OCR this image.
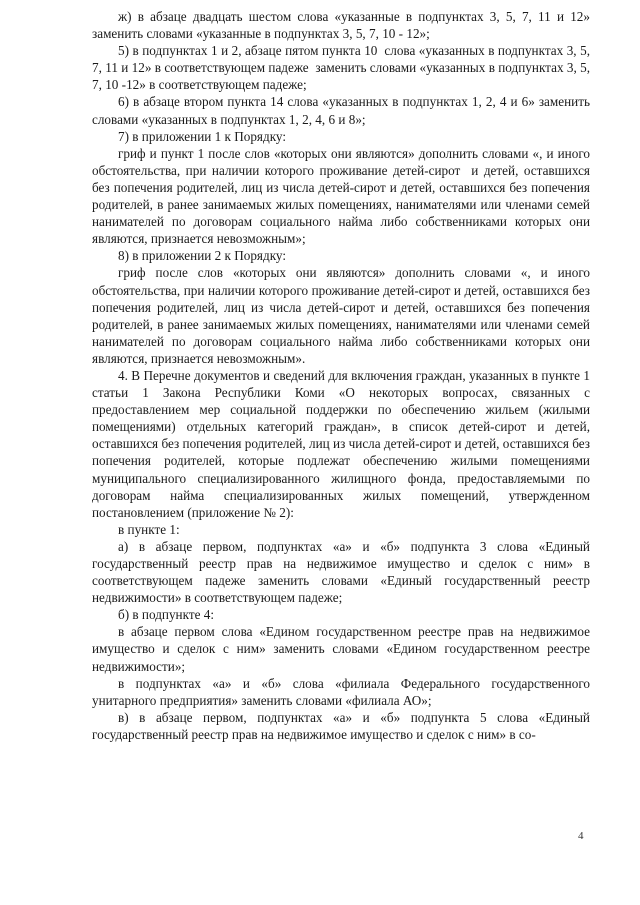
ж) в абзаце двадцать шестом слова «указанные в подпунктах 3, 5, 7, 11 и 12» заменить словами «указанные в подпунктах 3, 5, 7, 10 - 12»;

5) в подпунктах 1 и 2, абзаце пятом пункта 10  слова «указанных в подпунктах 3, 5, 7, 11 и 12» в соответствующем падеже  заменить словами «указанных в подпунктах 3, 5, 7, 10 -12» в соответствующем падеже;

6) в абзаце втором пункта 14 слова «указанных в подпунктах 1, 2, 4 и 6» заменить словами «указанных в подпунктах 1, 2, 4, 6 и 8»;

7) в приложении 1 к Порядку:

гриф и пункт 1 после слов «которых они являются» дополнить словами «, и иного обстоятельства, при наличии которого проживание детей-сирот  и детей, оставшихся без попечения родителей, лиц из числа детей-сирот и детей, оставшихся без попечения родителей, в ранее занимаемых жилых помещениях, нанимателями или членами семей нанимателей по договорам социального найма либо собственниками которых они являются, признается невозможным»;

8) в приложении 2 к Порядку:

гриф после слов «которых они являются» дополнить словами «, и иного обстоятельства, при наличии которого проживание детей-сирот и детей, оставшихся без попечения родителей, лиц из числа детей-сирот и детей, оставшихся без попечения родителей, в ранее занимаемых жилых помещениях, нанимателями или членами семей нанимателей по договорам социального найма либо собственниками которых они являются, признается невозможным».

4. В Перечне документов и сведений для включения граждан, указанных в пункте 1 статьи 1 Закона Республики Коми «О некоторых вопросах, связанных с предоставлением мер социальной поддержки по обеспечению жильем (жилыми помещениями) отдельных категорий граждан», в список детей-сирот и детей, оставшихся без попечения родителей, лиц из числа детей-сирот и детей, оставшихся без попечения родителей, которые подлежат обеспечению жилыми помещениями муниципального специализированного жилищного фонда, предоставляемыми по договорам найма специализированных жилых помещений, утвержденном постановлением (приложение № 2):

в пункте 1:

а) в абзаце первом, подпунктах «а» и «б» подпункта 3 слова «Единый государственный реестр прав на недвижимое имущество и сделок с ним» в соответствующем падеже заменить словами «Единый государственный реестр недвижимости» в соответствующем падеже;

б) в подпункте 4:

в абзаце первом слова «Едином государственном реестре прав на недвижимое имущество и сделок с ним» заменить словами «Едином государственном реестре недвижимости»;

в подпунктах «а» и «б» слова «филиала Федерального государственного унитарного предприятия» заменить словами «филиала АО»;

в) в абзаце первом, подпунктах «а» и «б» подпункта 5 слова «Единый государственный реестр прав на недвижимое имущество и сделок с ним» в со-

4
